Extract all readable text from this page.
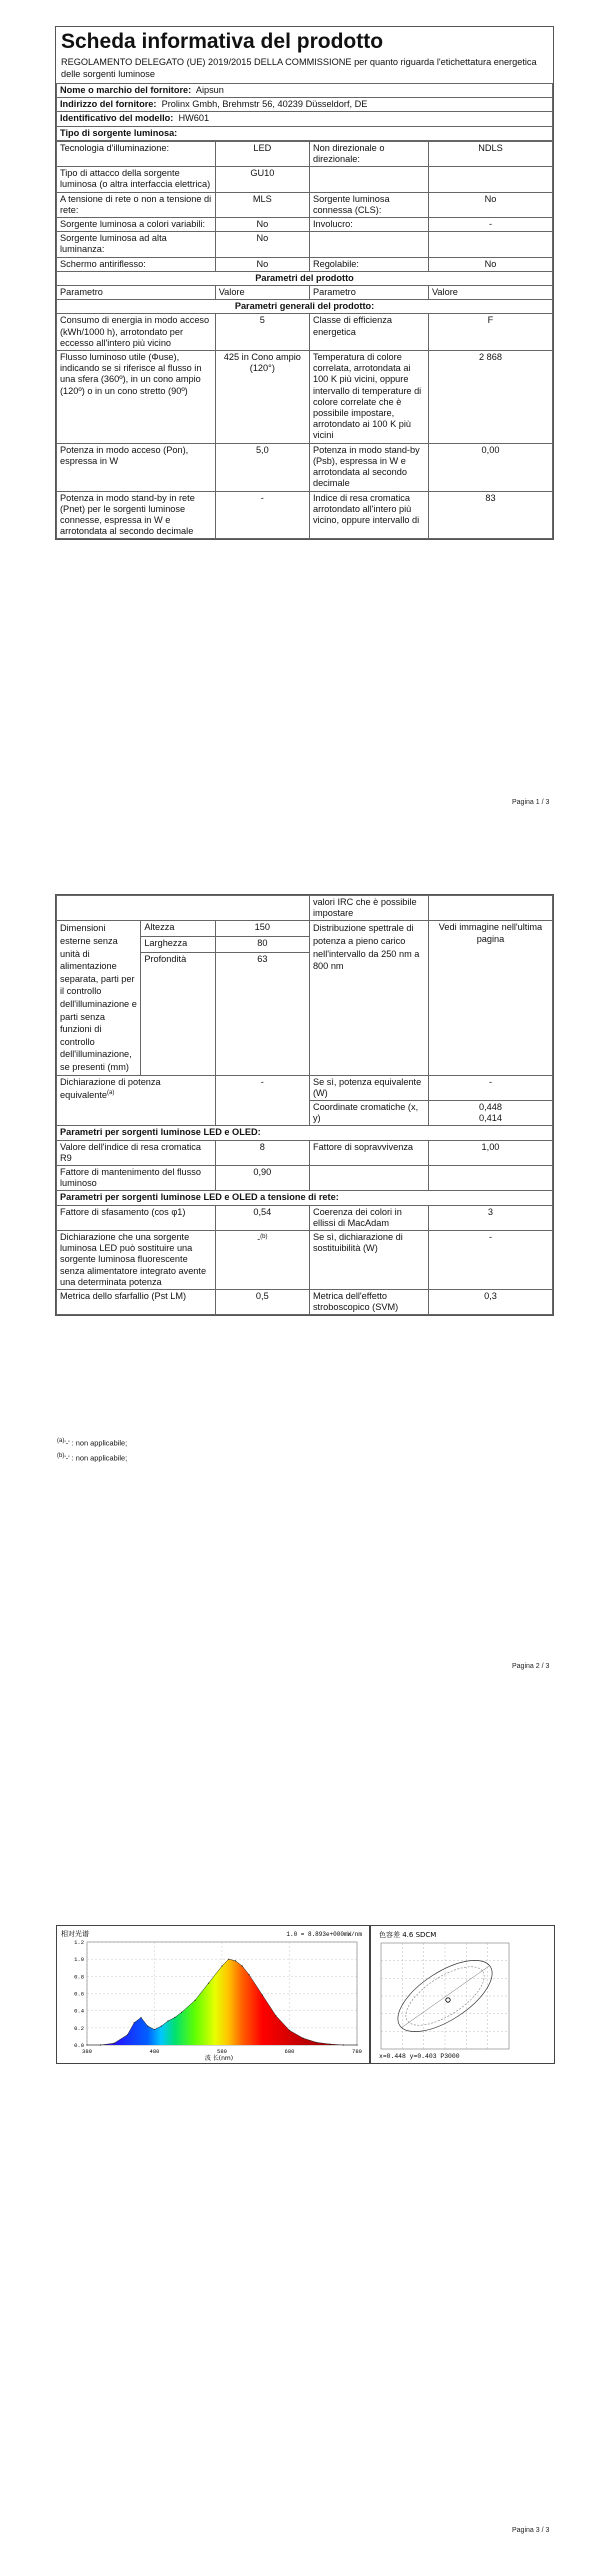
Scheda informativa del prodotto
REGOLAMENTO DELEGATO (UE) 2019/2015 DELLA COMMISSIONE per quanto riguarda l'etichettatura energetica delle sorgenti luminose
Nome o marchio del fornitore: Aipsun
Indirizzo del fornitore: Prolinx Gmbh, Brehmstr 56, 40239 Düsseldorf, DE
Identificativo del modello: HW601
Tipo di sorgente luminosa:
Tecnologia d'illuminazione:	LED	Non direzionale o direzionale:	NDLS
Tipo di attacco della sorgente luminosa (o altra interfaccia elettrica)	GU10		
A tensione di rete o non a tensione di rete:	MLS	Sorgente luminosa connessa (CLS):	No
Sorgente luminosa a colori variabili:	No	Involucro:	-
Sorgente luminosa ad alta luminanza:	No		
Schermo antiriflesso:	No	Regolabile:	No
Parametri del prodotto			
Parametro	Valore	Parametro	Valore
Parametri generali del prodotto:			
Consumo di energia in modo acceso (kWh/1000 h), arrotondato per eccesso all'intero più vicino	5	Classe di efficienza energetica	F
Flusso luminoso utile (Φuse), indicando se si riferisce al flusso in una sfera (360º), in un cono ampio (120º) o in un cono stretto (90º)	425 in Cono ampio (120°)	Temperatura di colore correlata, arrotondata ai 100 K più vicini, oppure intervallo di temperature di colore correlate che è possibile impostare, arrotondato ai 100 K più vicini	2 868
Potenza in modo acceso (Pon), espressa in W	5,0	Potenza in modo stand-by (Psb), espressa in W e arrotondata al secondo decimale	0,00
Potenza in modo stand-by in rete (Pnet) per le sorgenti luminose connesse, espressa in W e arrotondata al secondo decimale	-	Indice di resa cromatica arrotondato all'intero più vicino, oppure intervallo di	83
Pagina 1 / 3
			valori IRC che è possibile impostare	
Dimensioni esterne senza unità di alimentazione separata, parti per il controllo dell'illuminazione e parti senza funzioni di controllo dell'illuminazione, se presenti (mm)	Altezza	150	Distribuzione spettrale di potenza a pieno carico nell'intervallo da 250 nm a 800 nm	Vedi immagine nell'ultima pagina
	Larghezza	80		
	Profondità	63		
Dichiarazione di potenza equivalente$^{(a)}$		-	Se sì, potenza equivalente (W)	-
			Coordinate cromatiche (x, y)	0,448
0,414
Parametri per sorgenti luminose LED e OLED:				
Valore dell'indice di resa cromatica R9		8	Fattore di sopravvivenza	1,00
Fattore di mantenimento del flusso luminoso		0,90		
Parametri per sorgenti luminose LED e OLED a tensione di rete:				
Fattore di sfasamento (cos φ1)		0,54	Coerenza dei colori in ellissi di MacAdam	3
Dichiarazione che una sorgente luminosa LED può sostituire una sorgente luminosa fluorescente senza alimentatore integrato avente una determinata potenza		-$^{(b)}$	Se sì, dichiarazione di sostituibilità (W)	-
Metrica dello sfarfallio (Pst LM)		0,5	Metrica dell'effetto stroboscopico (SVM)	0,3
$^{(a)}$'-' : non applicabile;
$^{(b)}$'-' : non applicabile;
Pagina 2 / 3
相对光谱	1.0 = 8.893e+000mW/nm
波 长(nm)
1.2
1.0
0.8
0.6
0.4
0.2
0.0
380	480	580	680	780
色容差 4.6 SDCM
x=0.448 y=0.403 P3000
Pagina 3 / 3
